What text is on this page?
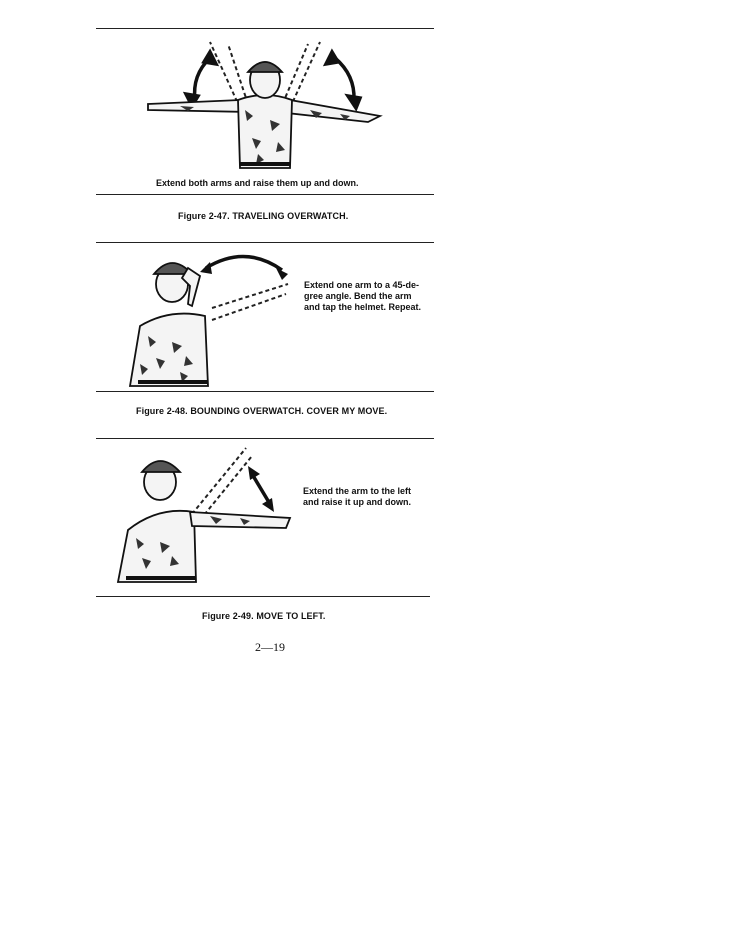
Extend both arms and raise them up and down.
Figure 2-47. TRAVELING OVERWATCH.
Extend one arm to a 45-de-
gree angle. Bend the arm
and tap the helmet. Repeat.
Figure 2-48. BOUNDING OVERWATCH. COVER MY MOVE.
Extend the arm to the left
and raise it up and down.
Figure 2-49. MOVE TO LEFT.
2—19
